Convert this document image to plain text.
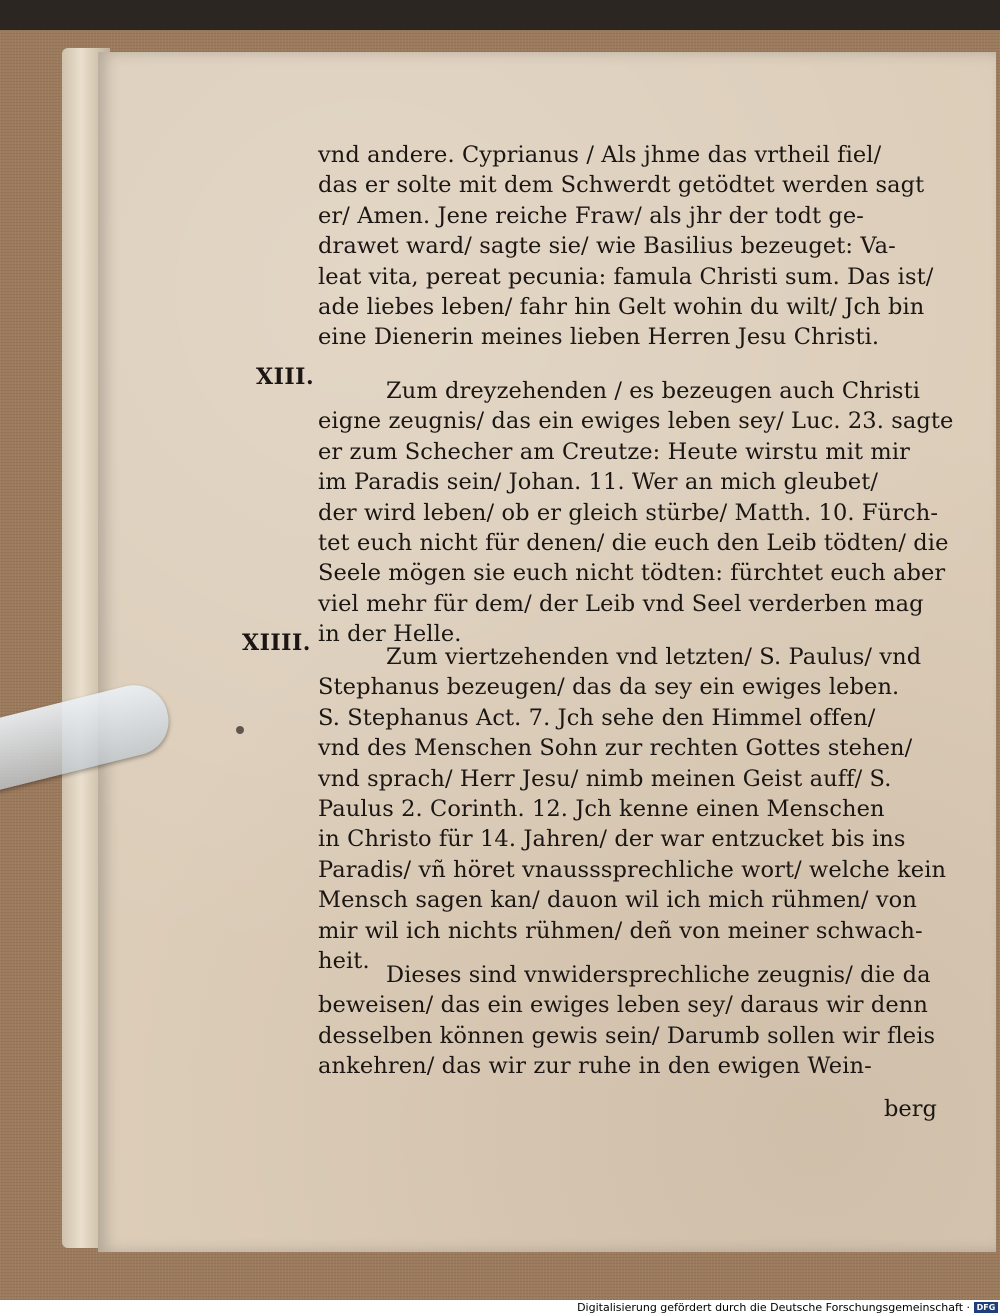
vnd andere. Cyprianus / Als jhme das vrtheil fiel/
das er solte mit dem Schwerdt getödtet werden sagt
er/ Amen. Jene reiche Fraw/ als jhr der todt ge-
drawet ward/ sagte sie/ wie Basilius bezeuget: Va-
leat vita, pereat pecunia: famula Christi sum. Das ist/
ade liebes leben/ fahr hin Gelt wohin du wilt/ Jch bin
eine Dienerin meines lieben Herren Jesu Christi.
Zum dreyzehenden / es bezeugen auch Christi
eigne zeugnis/ das ein ewiges leben sey/ Luc. 23. sagte
er zum Schecher am Creutze: Heute wirstu mit mir
im Paradis sein/ Johan. 11. Wer an mich gleubet/
der wird leben/ ob er gleich stürbe/ Matth. 10. Fürch-
tet euch nicht für denen/ die euch den Leib tödten/ die
Seele mögen sie euch nicht tödten: fürchtet euch aber
viel mehr für dem/ der Leib vnd Seel verderben mag
in der Helle.
Zum viertzehenden vnd letzten/ S. Paulus/ vnd
Stephanus bezeugen/ das da sey ein ewiges leben.
S. Stephanus Act. 7. Jch sehe den Himmel offen/
vnd des Menschen Sohn zur rechten Gottes stehen/
vnd sprach/ Herr Jesu/ nimb meinen Geist auff/ S.
Paulus 2. Corinth. 12. Jch kenne einen Menschen
in Christo für 14. Jahren/ der war entzucket bis ins
Paradis/ vñ höret vnausssprechliche wort/ welche kein
Mensch sagen kan/ dauon wil ich mich rühmen/ von
mir wil ich nichts rühmen/ deñ von meiner schwach-
heit.
Dieses sind vnwidersprechliche zeugnis/ die da
beweisen/ das ein ewiges leben sey/ daraus wir denn
desselben können gewis sein/ Darumb sollen wir fleis
ankehren/ das wir zur ruhe in den ewigen Wein-
XIII.
XIIII.
berg
Digitalisierung gefördert durch die Deutsche Forschungsgemeinschaft · DFG
